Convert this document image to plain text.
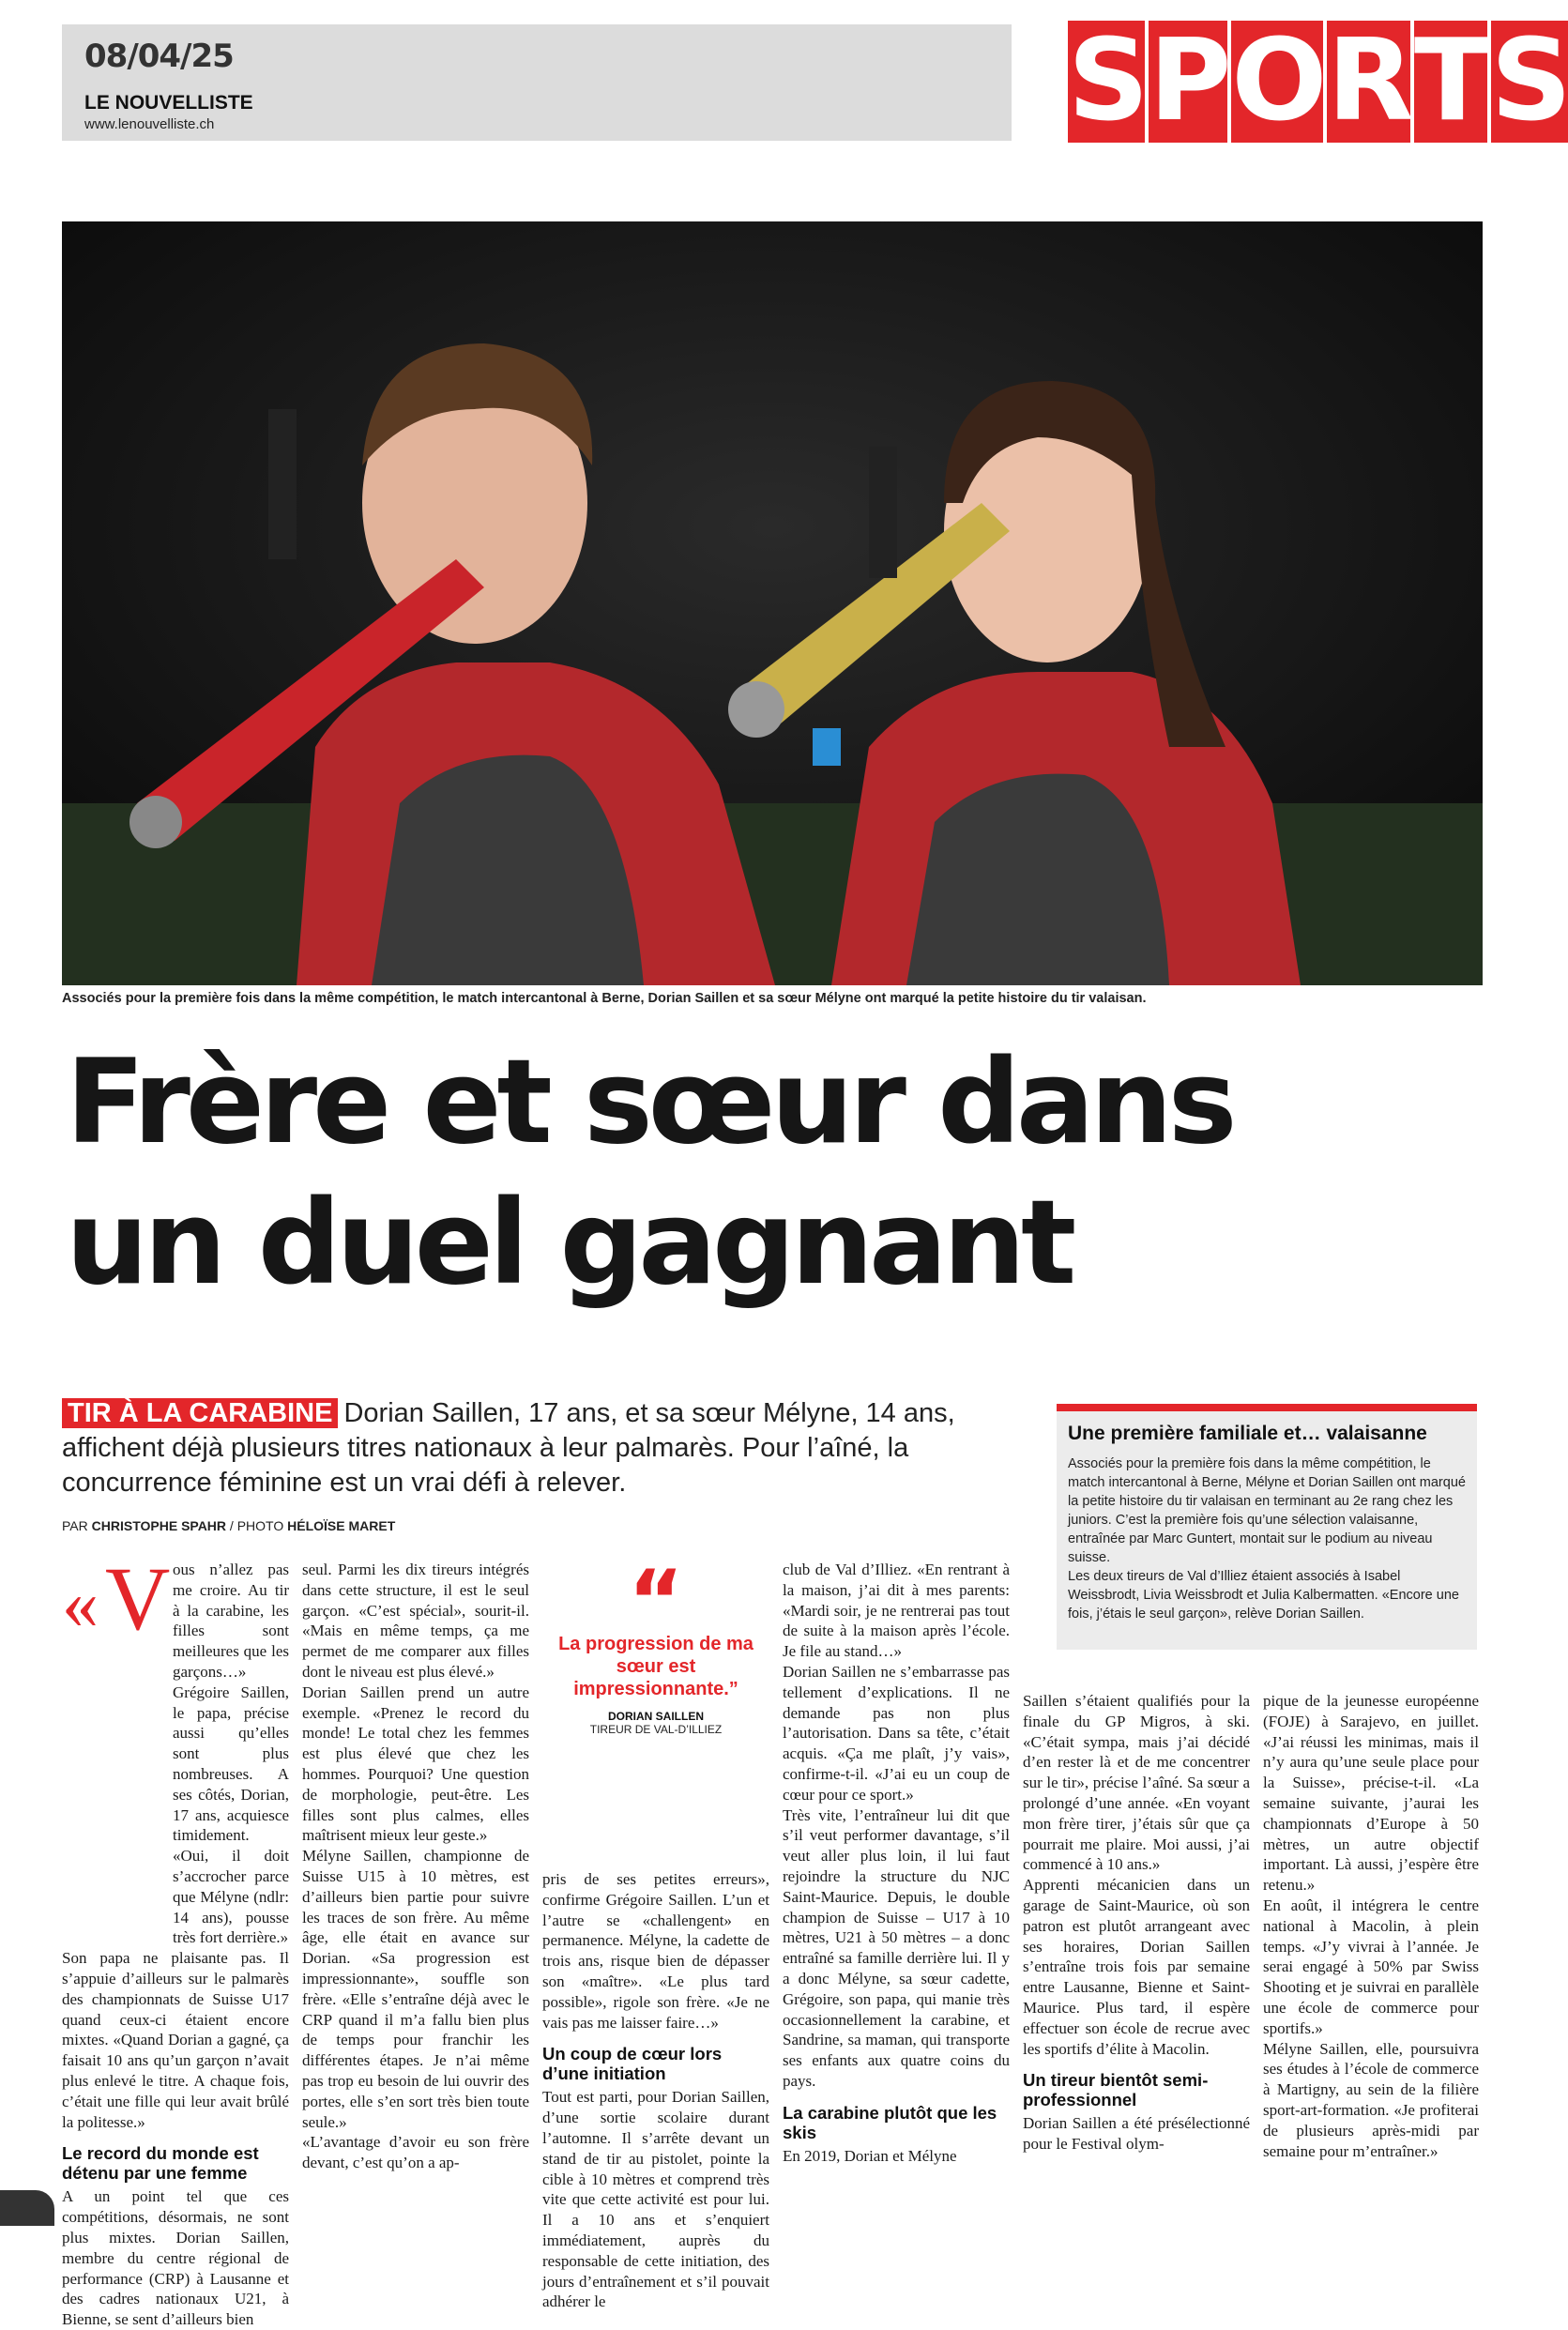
08/04/25
LE NOUVELLISTE
www.lenouvelliste.ch	S P O R T S
Associés pour la première fois dans la même compétition, le match intercantonal à Berne, Dorian Saillen et sa sœur Mélyne ont marqué la petite histoire du tir valaisan.
Frère et sœur dans
un duel gagnant
TIR À LA CARABINE Dorian Saillen, 17 ans, et sa sœur Mélyne, 14 ans, affichent déjà plusieurs titres nationaux à leur palmarès. Pour l’aîné, la concurrence féminine est un vrai défi à relever.
PAR CHRISTOPHE SPAHR / PHOTO HÉLOÏSE MARET
Une première familiale et… valaisanne

Associés pour la première fois dans la même compétition, le match intercantonal à Berne, Mélyne et Dorian Saillen ont marqué la petite histoire du tir valaisan en terminant au 2e rang chez les juniors. C’est la première fois qu’une sélection valaisanne, entraînée par Marc Guntert, montait sur le podium au niveau suisse.

Les deux tireurs de Val d’Illiez étaient associés à Isabel Weissbrodt, Livia Weissbrodt et Julia Kalbermatten. «Encore une fois, j’étais le seul garçon», relève Dorian Saillen.

« V ous n’allez pas me croire. Au tir à la carabine, les filles sont meilleures que les garçons…» Grégoire Saillen, le papa, précise aussi qu’elles sont plus nombreuses. A ses côtés, Dorian, 17 ans, acquiesce timidement. «Oui, il doit s’accrocher parce que Mélyne (ndlr: 14 ans), pousse très fort derrière.»

Son papa ne plaisante pas. Il s’appuie d’ailleurs sur le palmarès des championnats de Suisse U17 quand ceux-ci étaient encore mixtes. «Quand Dorian a gagné, ça faisait 10 ans qu’un garçon n’avait plus enlevé le titre. A chaque fois, c’était une fille qui leur avait brûlé la politesse.»

Le record du monde est détenu par une femme

A un point tel que ces compétitions, désormais, ne sont plus mixtes. Dorian Saillen, membre du centre régional de performance (CRP) à Lausanne et des cadres nationaux U21, à Bienne, se sent d’ailleurs bien

seul. Parmi les dix tireurs intégrés dans cette structure, il est le seul garçon. «C’est spécial», sourit-il. «Mais en même temps, ça me permet de me comparer aux filles dont le niveau est plus élevé.»

Dorian Saillen prend un autre exemple. «Prenez le record du monde! Le total chez les femmes est plus élevé que chez les hommes. Pourquoi? Une question de morphologie, peut-être. Les filles sont plus calmes, elles maîtrisent mieux leur geste.»

Mélyne Saillen, championne de Suisse U15 à 10 mètres, est d’ailleurs bien partie pour suivre les traces de son frère. Au même âge, elle était en avance sur Dorian. «Sa progression est impressionnante», souffle son frère. «Elle s’entraîne déjà avec le CRP quand il m’a fallu bien plus de temps pour franchir les différentes étapes. Je n’ai même pas trop eu besoin de lui ouvrir des portes, elle s’en sort très bien toute seule.»

«L’avantage d’avoir eu son frère devant, c’est qu’on a ap-

“
La progression de ma sœur est impressionnante.”
DORIAN SAILLEN
TIREUR DE VAL-D’ILLIEZ

pris de ses petites erreurs», confirme Grégoire Saillen. L’un et l’autre se «challengent» en permanence. Mélyne, la cadette de trois ans, risque bien de dépasser son «maître». «Le plus tard possible», rigole son frère. «Je ne vais pas me laisser faire…»

Un coup de cœur lors d’une initiation

Tout est parti, pour Dorian Saillen, d’une sortie scolaire durant l’automne. Il s’arrête devant un stand de tir au pistolet, pointe la cible à 10 mètres et comprend très vite que cette activité est pour lui. Il a 10 ans et s’enquiert immédiatement, auprès du responsable de cette initiation, des jours d’entraînement et s’il pouvait adhérer le

club de Val d’Illiez. «En rentrant à la maison, j’ai dit à mes parents: «Mardi soir, je ne rentrerai pas tout de suite à la maison après l’école. Je file au stand…»

Dorian Saillen ne s’embarrasse pas tellement d’explications. Il ne demande pas non plus l’autorisation. Dans sa tête, c’était acquis. «Ça me plaît, j’y vais», confirme-t-il. «J’ai eu un coup de cœur pour ce sport.»

Très vite, l’entraîneur lui dit que s’il veut performer davantage, s’il veut aller plus loin, il lui faut rejoindre la structure du NJC Saint-Maurice. Depuis, le double champion de Suisse – U17 à 10 mètres, U21 à 50 mètres – a donc entraîné sa famille derrière lui. Il y a donc Mélyne, sa sœur cadette, Grégoire, son papa, qui manie très occasionnellement la carabine, et Sandrine, sa maman, qui transporte ses enfants aux quatre coins du pays.

La carabine plutôt que les skis

En 2019, Dorian et Mélyne

Saillen s’étaient qualifiés pour la finale du GP Migros, à ski. «C’était sympa, mais j’ai décidé d’en rester là et de me concentrer sur le tir», précise l’aîné. Sa sœur a prolongé d’une année. «En voyant mon frère tirer, j’étais sûr que ça pourrait me plaire. Moi aussi, j’ai commencé à 10 ans.»

Apprenti mécanicien dans un garage de Saint-Maurice, où son patron est plutôt arrangeant avec ses horaires, Dorian Saillen s’entraîne trois fois par semaine entre Lausanne, Bienne et Saint-Maurice. Plus tard, il espère effectuer son école de recrue avec les sportifs d’élite à Macolin.

Un tireur bientôt semi-professionnel

Dorian Saillen a été présélectionné pour le Festival olym-

pique de la jeunesse européenne (FOJE) à Sarajevo, en juillet. «J’ai réussi les minimas, mais il n’y aura qu’une seule place pour la Suisse», précise-t-il. «La semaine suivante, j’aurai les championnats d’Europe à 50 mètres, un autre objectif important. Là aussi, j’espère être retenu.»

En août, il intégrera le centre national à Macolin, à plein temps. «J’y vivrai à l’année. Je serai engagé à 50% par Swiss Shooting et je suivrai en parallèle une école de commerce pour sportifs.»

Mélyne Saillen, elle, poursuivra ses études à l’école de commerce à Martigny, au sein de la filière sport-art-formation. «Je profiterai de plusieurs après-midi par semaine pour m’entraîner.»
